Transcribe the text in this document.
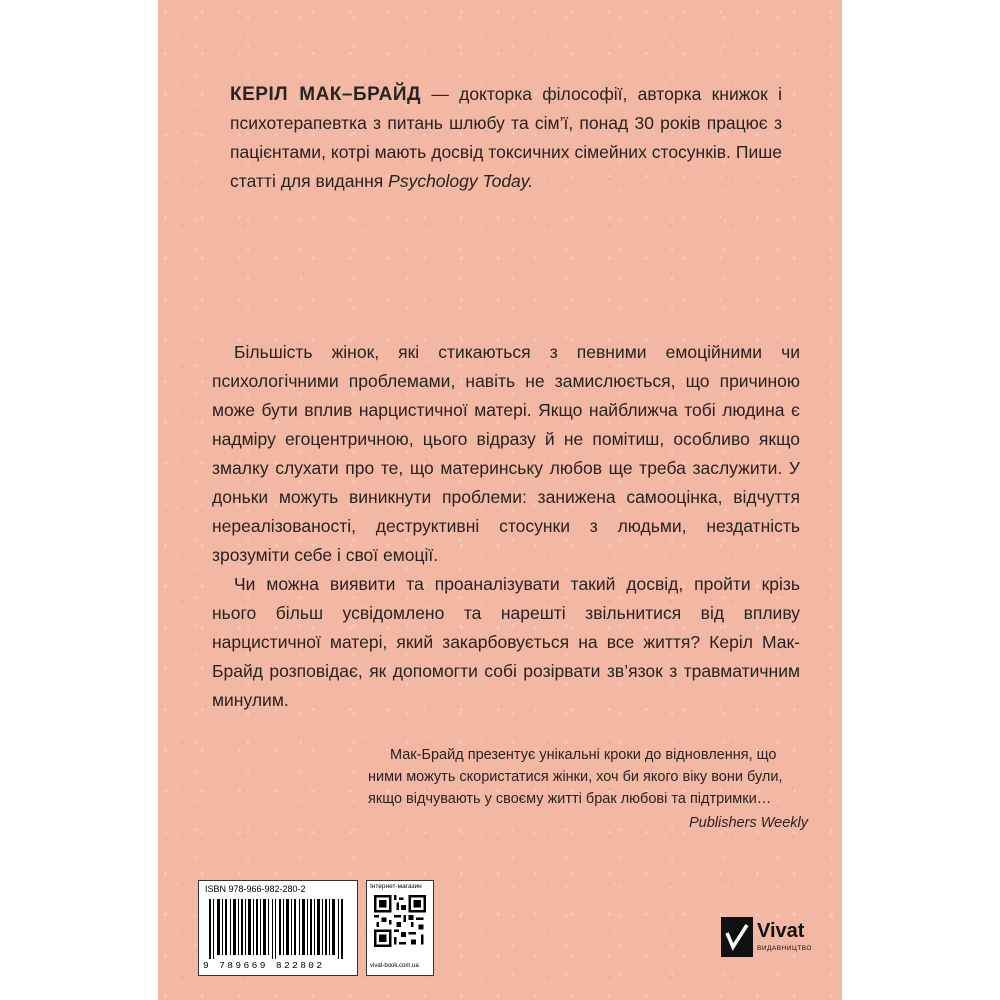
КЕРІЛ МАК–БРАЙД — докторка філософії, авторка книжок і психотерапевтка з питань шлюбу та сім’ї, понад 30 років працює з пацієнтами, котрі мають досвід токсичних сімейних стосунків. Пише статті для видання Psychology Today.

Більшість жінок, які стикаються з певними емоційними чи психологічними проблемами, навіть не замислюється, що причиною може бути вплив нарцистичної матері. Якщо найближча тобі людина є надміру егоцентричною, цього відразу й не помітиш, особливо якщо змалку слухати про те, що материнську любов ще треба заслужити. У доньки можуть виникнути проблеми: занижена самооцінка, відчуття нереалізованості, деструктивні стосунки з людьми, нездатність зрозуміти себе і свої емоції.

Чи можна виявити та проаналізувати такий досвід, пройти крізь нього більш усвідомлено та нарешті звільнитися від впливу нарцистичної матері, який закарбовується на все життя? Керіл Мак-Брайд розповідає, як допомогти собі розірвати зв’язок з травматичним минулим.

Мак-Брайд презентує унікальні кроки до відновлення, що ними можуть скористатися жінки, хоч би якого віку вони були, якщо відчувають у своєму житті брак любові та підтримки…

Publishers Weekly

ISBN 978-966-982-280-2
9 789669 822802
Інтернет-магазин
vivat-book.com.ua
Vivat
ВИДАВНИЦТВО
